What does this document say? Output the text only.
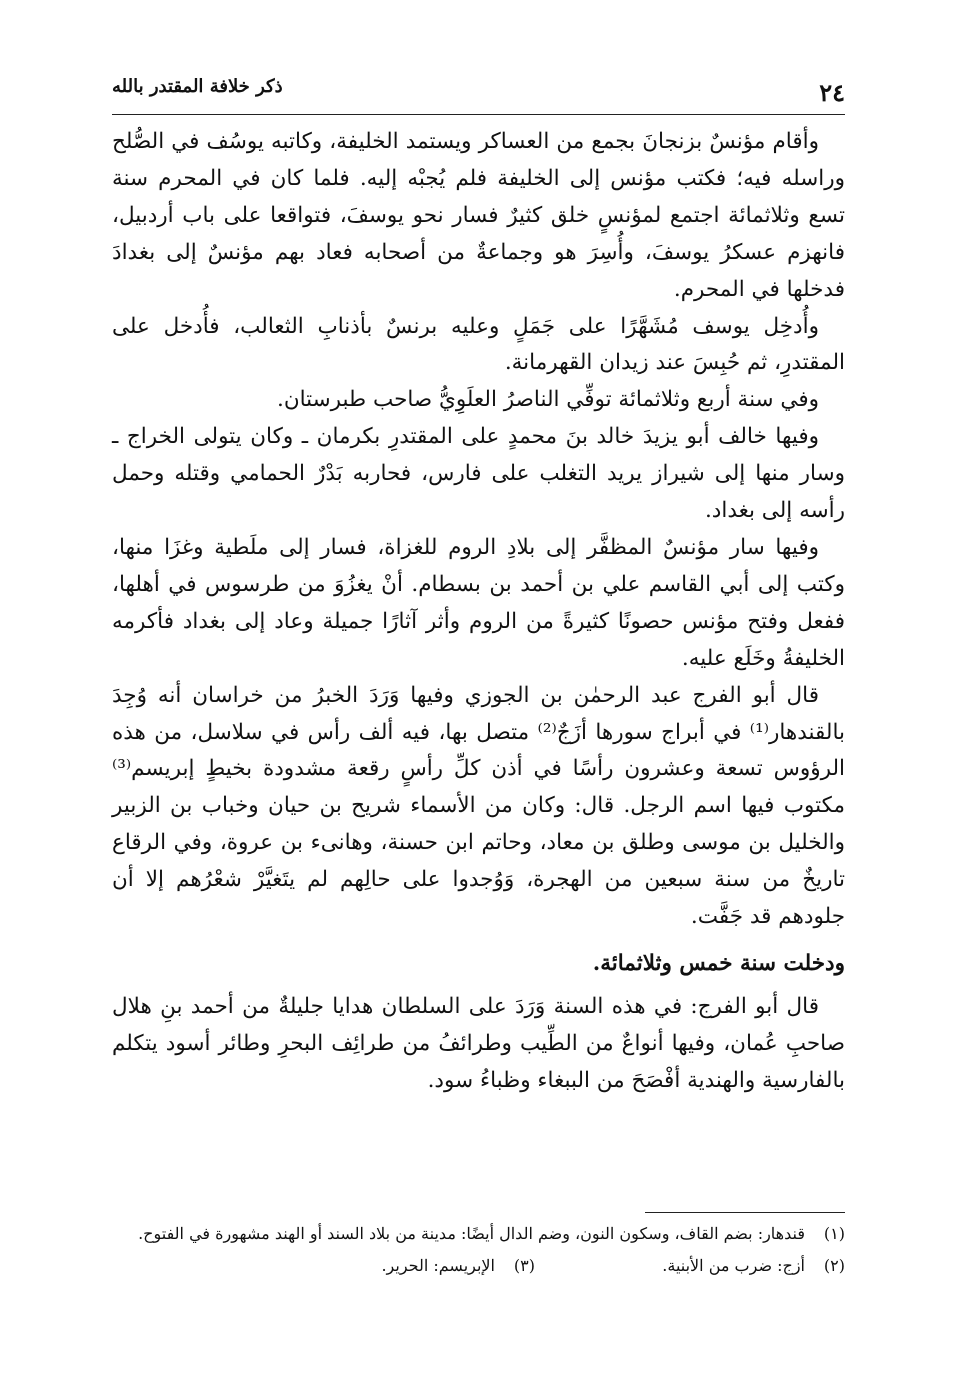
٢٤
ذكر خلافة المقتدر بالله

وأقام مؤنسٌ بزنجانَ بجمع من العساكر ويستمد الخليفة، وكاتبه يوسُف في الصُّلح وراسله فيه؛ فكتب مؤنس إلى الخليفة فلم يُجبْه إليه. فلما كان في المحرم سنة تسع وثلاثمائة اجتمع لمؤنسٍ خلق كثيرٌ فسار نحو يوسفَ، فتواقعا على باب أردبيل، فانهزم عسكرُ يوسفَ، وأُسِرَ هو وجماعةٌ من أصحابه فعاد بهم مؤنسٌ إلى بغدادَ فدخلها في المحرم.

وأُدخِل يوسف مُشَهَّرًا على جَمَلٍ وعليه برنسٌ بأذنابِ الثعالب، فأُدخل على المقتدرِ، ثم حُبِسَ عند زيدان القهرمانة.

وفي سنة أربع وثلاثمائة توفِّي الناصرُ العلَوِيُّ صاحب طبرستان.

وفيها خالف أبو يزيدَ خالد بنَ محمدٍ على المقتدرِ بكرمان ـ وكان يتولى الخراج ـ وسار منها إلى شيراز يريد التغلب على فارس، فحاربه بَدْرٌ الحمامي وقتله وحمل رأسه إلى بغداد.

وفيها سار مؤنسٌ المظفَّر إلى بلادِ الروم للغزاة، فسار إلى ملَطية وغزَا منها، وكتب إلى أبي القاسم علي بن أحمد بن بسطام. أنْ يغزُوَ من طرسوس في أهلها، ففعل وفتح مؤنس حصونًا كثيرةً من الروم وأثر آثارًا جميلة وعاد إلى بغداد فأكرمه الخليفةُ وخَلَع عليه.

قال أبو الفرج عبد الرحمٰن بن الجوزي وفيها وَرَدَ الخبرُ من خراسان أنه وُجِدَ بالقندهار⁽¹⁾ في أبراج سورها أزَجٌ⁽²⁾ متصل بها، فيه ألف رأس في سلاسل، من هذه الرؤوس تسعة وعشرون رأسًا في أذن كلِّ رأسٍ رقعة مشدودة بخيطٍ إبريسم⁽³⁾ مكتوب فيها اسم الرجل. قال: وكان من الأسماء شريح بن حيان وخباب بن الزبير والخليل بن موسى وطلق بن معاد، وحاتم ابن حسنة، وهانىء بن عروة، وفي الرقاع تاريخٌ من سنة سبعين من الهجرة، وَوُجدوا على حالِهم لم يتَغيَّرْ شعْرُهم إلا أن جلودهم قد جَفَّت.

ودخلت سنة خمس وثلاثمائة.

قال أبو الفرج: في هذه السنة وَرَدَ على السلطان هدايا جليلةٌ من أحمد بنِ هلال صاحبِ عُمان، وفيها أنواعٌ من الطِّيب وطرائفُ من طرائِف البحرِ وطائر أسود يتكلم بالفارسية والهندية أفْصَحَ من الببغاء وظباءُ سود.

(١)
قندهار: بضم القاف، وسكون النون، وضم الدال أيضًا: مدينة من بلاد السند أو الهند مشهورة في الفتوح.
(٢)
أزج: ضرب من الأبنية.
(٣)
الإبريسم: الحرير.
